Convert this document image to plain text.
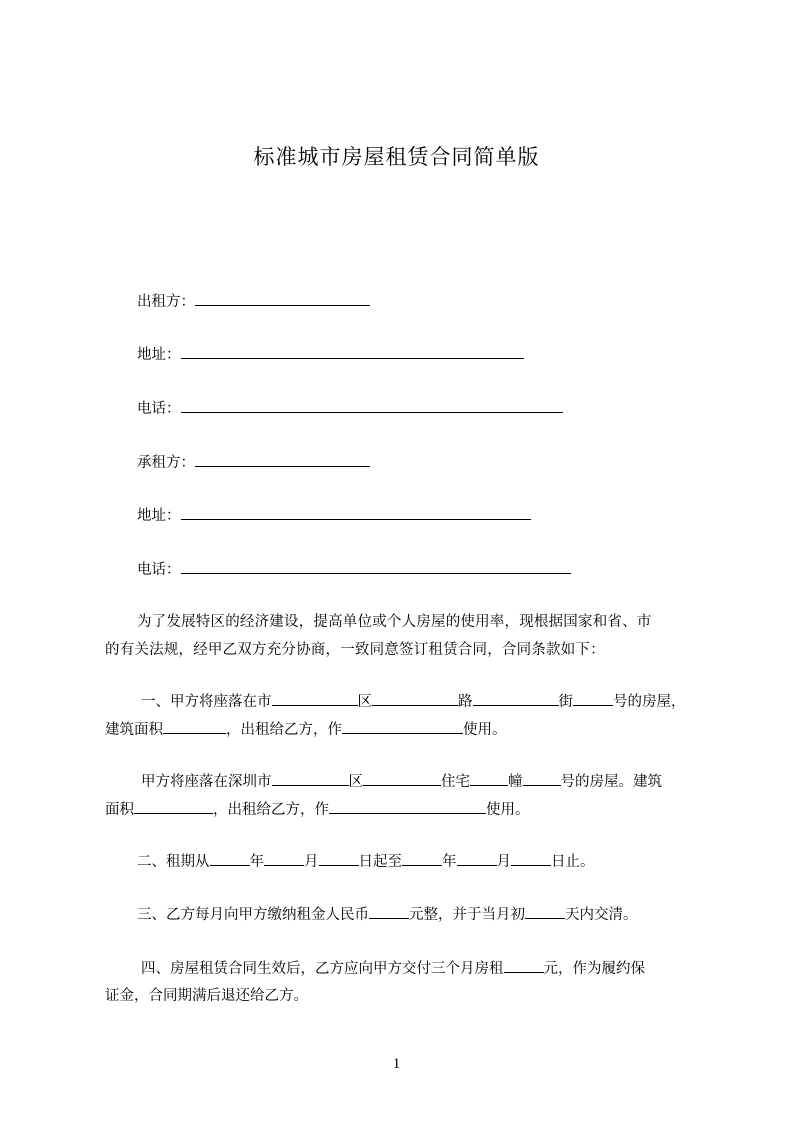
标准城市房屋租赁合同简单版
出租方：
地址：
电话：
承租方：
地址：
电话：
为了发展特区的经济建设，提高单位或个人房屋的使用率，现根据国家和省、市
的有关法规，经甲乙双方充分协商，一致同意签订租赁合同，合同条款如下：
一、甲方将座落在市	区	路	街	号的房屋，
建筑面积	，出租给乙方，作	使用。
甲方将座落在深圳市	区	住宅	幢	号的房屋。建筑
面积	，出租给乙方，作	使用。
二、租期从	年	月	日起至	年	月	日止。
三、乙方每月向甲方缴纳租金人民币	元整，并于当月初	天内交清。
四、房屋租赁合同生效后，乙方应向甲方交付三个月房租	元，作为履约保
证金，合同期满后退还给乙方。
1
